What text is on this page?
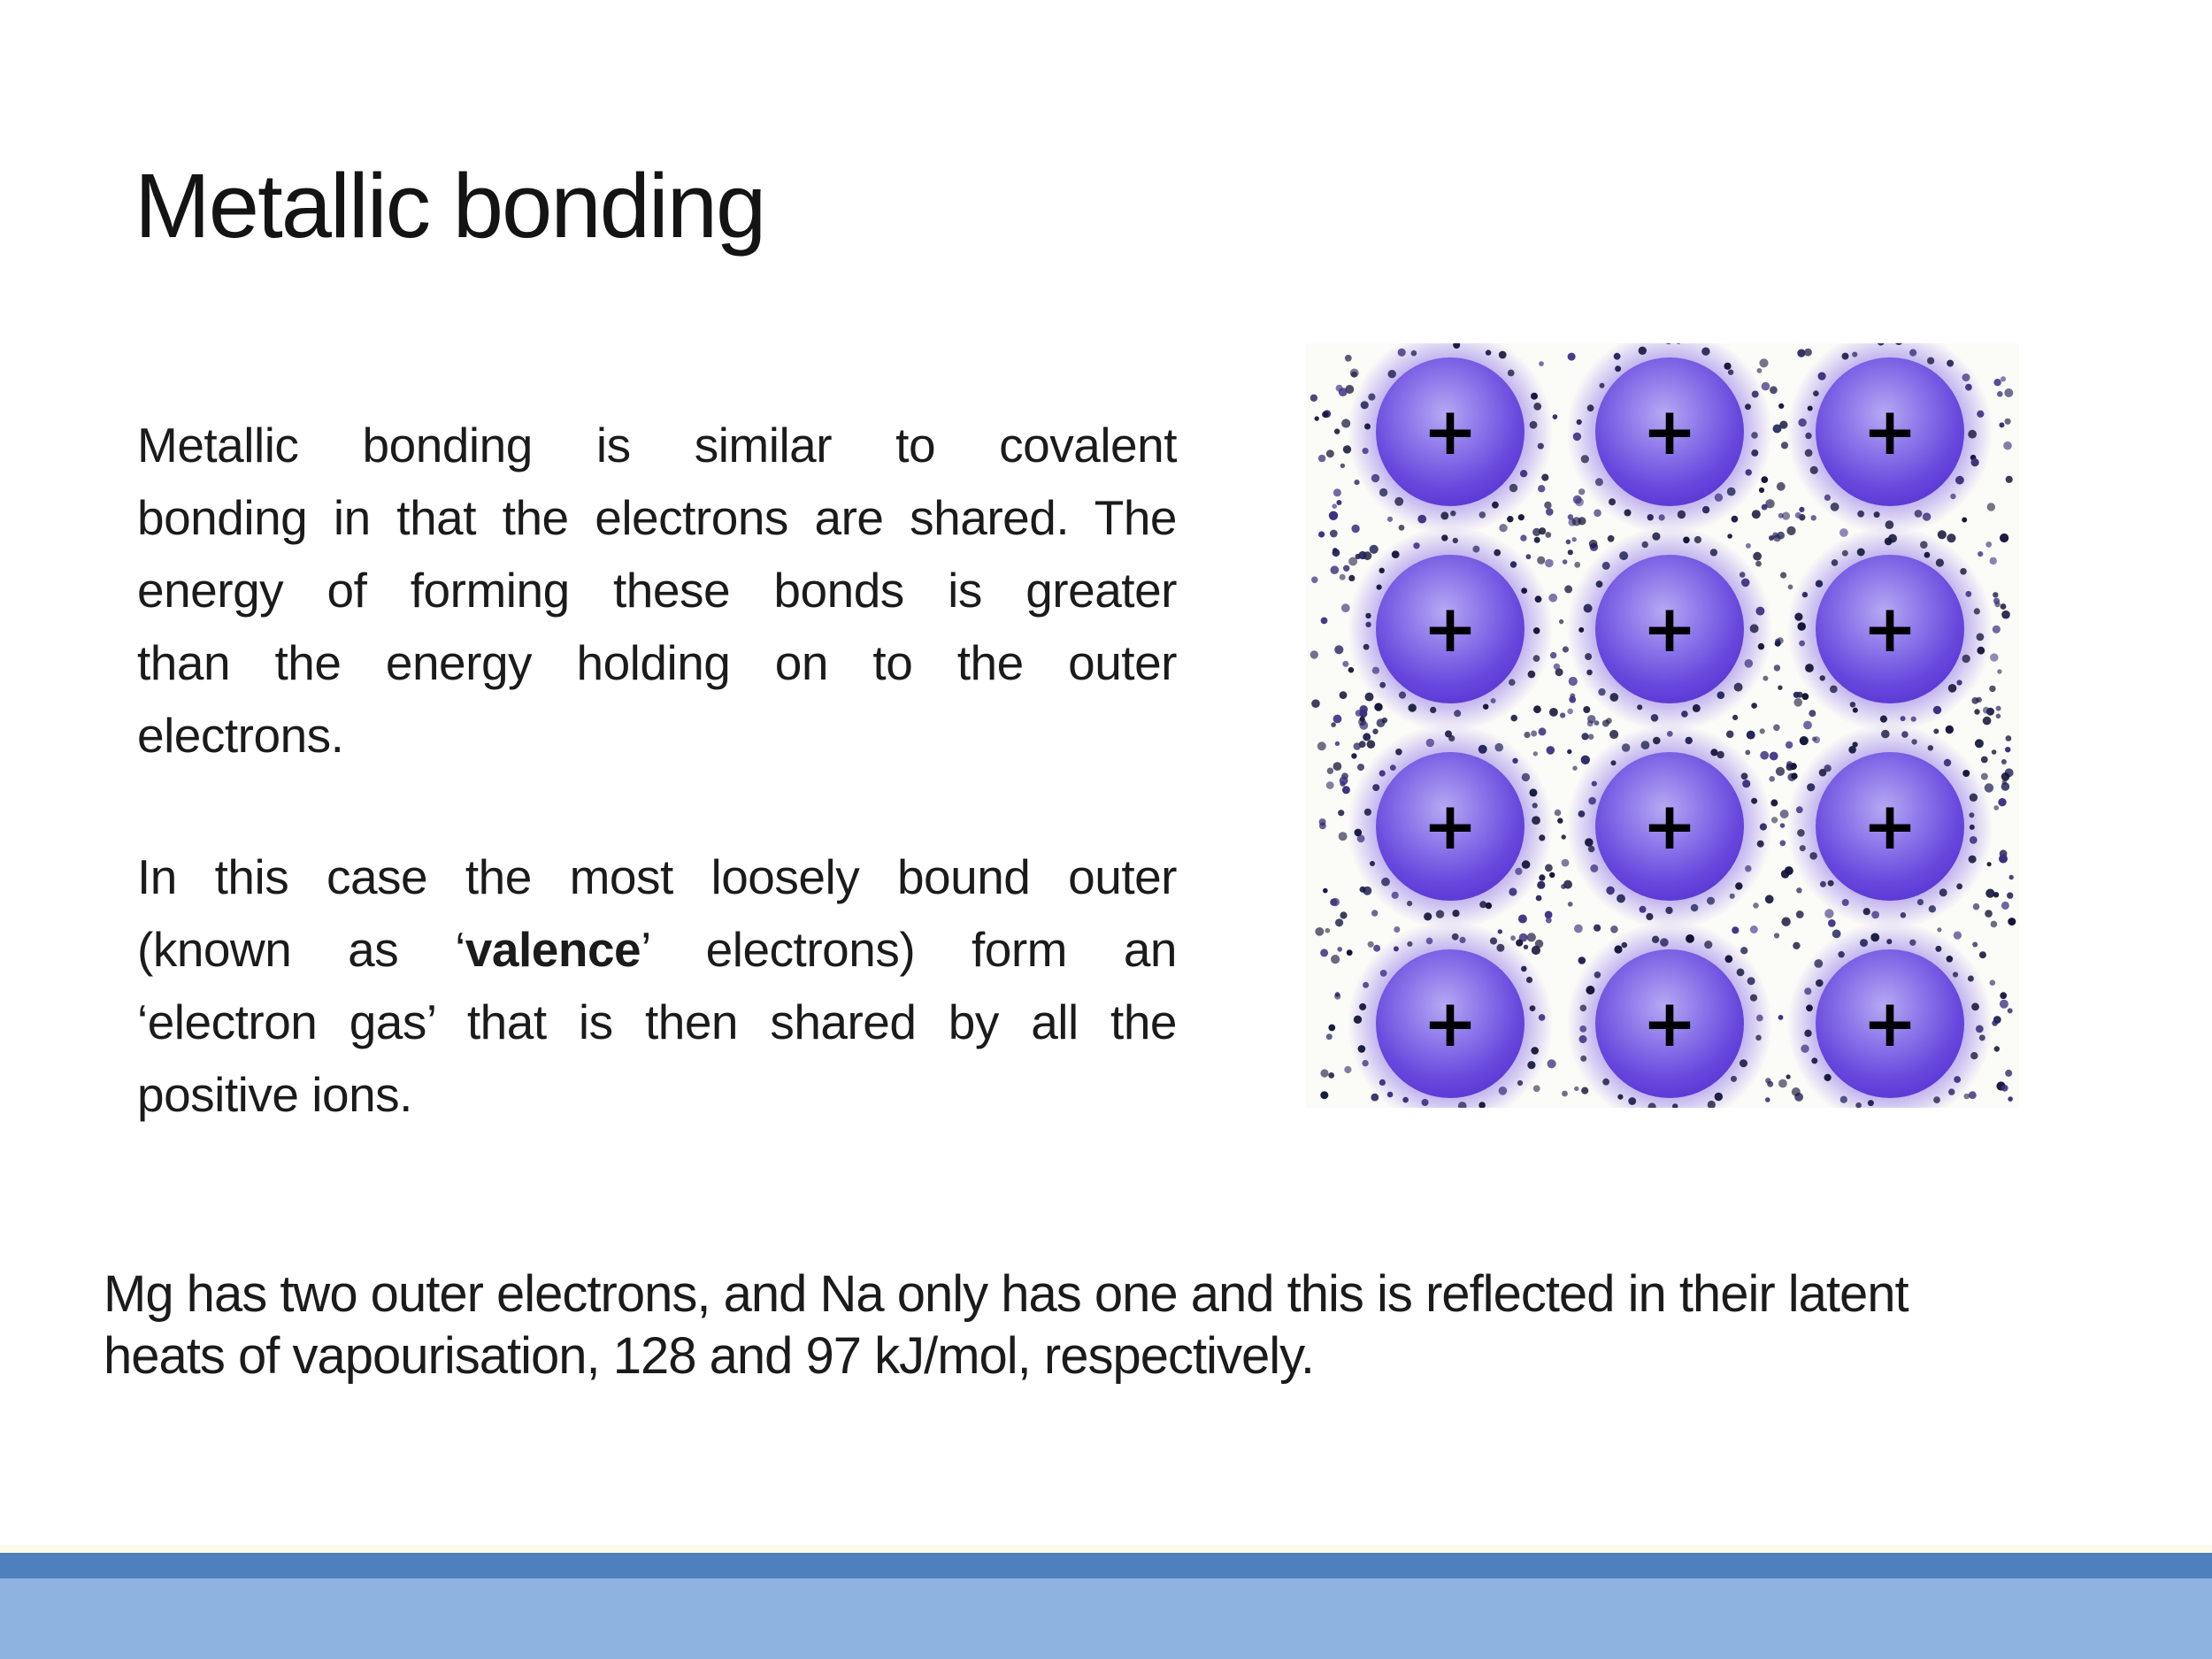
Metallic bonding
Metallic bonding is similar to covalent
bonding in that the electrons are shared. The
energy of forming these bonds is greater
than the energy holding on to the outer
electrons.
In this case the most loosely bound outer
(known as ‘valence’ electrons) form an
‘electron gas’ that is then shared by all the
positive ions.
Mg has two outer electrons, and Na only has one and this is reflected in their latent
heats of vapourisation, 128 and 97 kJ/mol, respectively.
+	+	+
+	+	+
+	+	+
+	+	+
